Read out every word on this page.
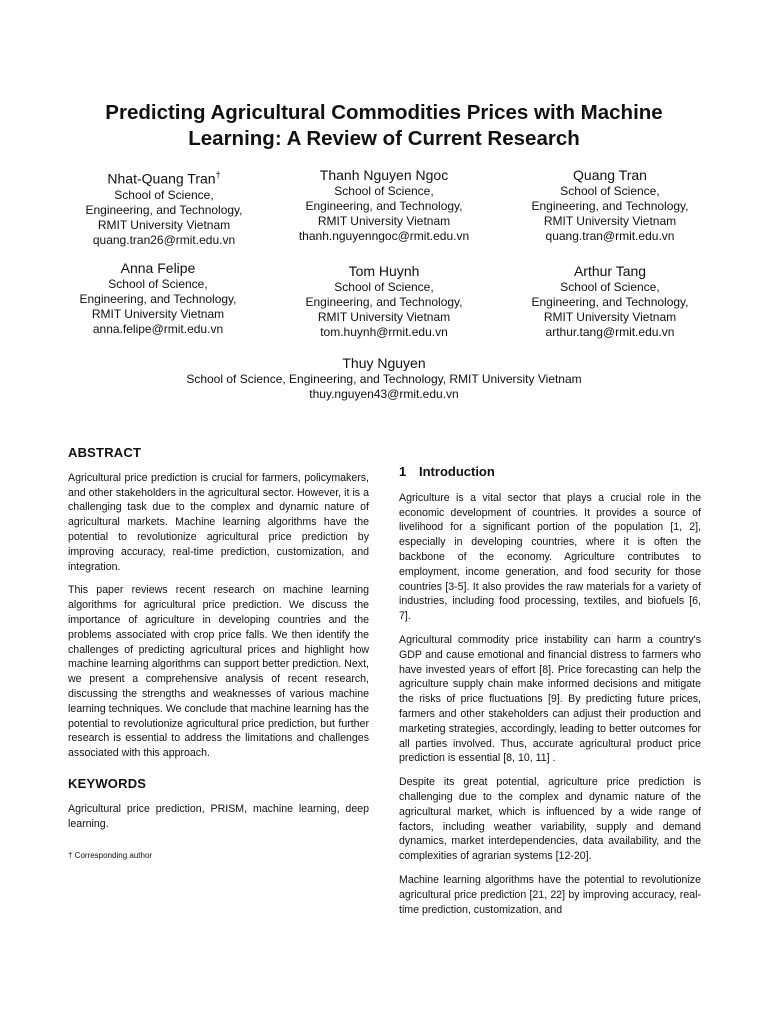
Predicting Agricultural Commodities Prices with Machine
Learning: A Review of Current Research
Nhat-Quang Tran†
School of Science,
Engineering, and Technology,
RMIT University Vietnam
quang.tran26@rmit.edu.vn
Thanh Nguyen Ngoc
School of Science,
Engineering, and Technology,
RMIT University Vietnam
thanh.nguyenngoc@rmit.edu.vn
Quang Tran
School of Science,
Engineering, and Technology,
RMIT University Vietnam
quang.tran@rmit.edu.vn
Anna Felipe
School of Science,
Engineering, and Technology,
RMIT University Vietnam
anna.felipe@rmit.edu.vn
Tom Huynh
School of Science,
Engineering, and Technology,
RMIT University Vietnam
tom.huynh@rmit.edu.vn
Arthur Tang
School of Science,
Engineering, and Technology,
RMIT University Vietnam
arthur.tang@rmit.edu.vn
Thuy Nguyen
School of Science, Engineering, and Technology, RMIT University Vietnam
thuy.nguyen43@rmit.edu.vn
ABSTRACT

Agricultural price prediction is crucial for farmers, policymakers, and other stakeholders in the agricultural sector. However, it is a challenging task due to the complex and dynamic nature of agricultural markets. Machine learning algorithms have the potential to revolutionize agricultural price prediction by improving accuracy, real-time prediction, customization, and integration.

This paper reviews recent research on machine learning algorithms for agricultural price prediction. We discuss the importance of agriculture in developing countries and the problems associated with crop price falls. We then identify the challenges of predicting agricultural prices and highlight how machine learning algorithms can support better prediction. Next, we present a comprehensive analysis of recent research, discussing the strengths and weaknesses of various machine learning techniques. We conclude that machine learning has the potential to revolutionize agricultural price prediction, but further research is essential to address the limitations and challenges associated with this approach.

KEYWORDS

Agricultural price prediction, PRISM, machine learning, deep learning.

† Corresponding author
1 Introduction

Agriculture is a vital sector that plays a crucial role in the economic development of countries. It provides a source of livelihood for a significant portion of the population [1, 2], especially in developing countries, where it is often the backbone of the economy. Agriculture contributes to employment, income generation, and food security for those countries [3-5]. It also provides the raw materials for a variety of industries, including food processing, textiles, and biofuels [6, 7].

Agricultural commodity price instability can harm a country's GDP and cause emotional and financial distress to farmers who have invested years of effort [8]. Price forecasting can help the agriculture supply chain make informed decisions and mitigate the risks of price fluctuations [9]. By predicting future prices, farmers and other stakeholders can adjust their production and marketing strategies, accordingly, leading to better outcomes for all parties involved. Thus, accurate agricultural product price prediction is essential [8, 10, 11] .

Despite its great potential, agriculture price prediction is challenging due to the complex and dynamic nature of the agricultural market, which is influenced by a wide range of factors, including weather variability, supply and demand dynamics, market interdependencies, data availability, and the complexities of agrarian systems [12-20].

Machine learning algorithms have the potential to revolutionize agricultural price prediction [21, 22] by improving accuracy, real-time prediction, customization, and
